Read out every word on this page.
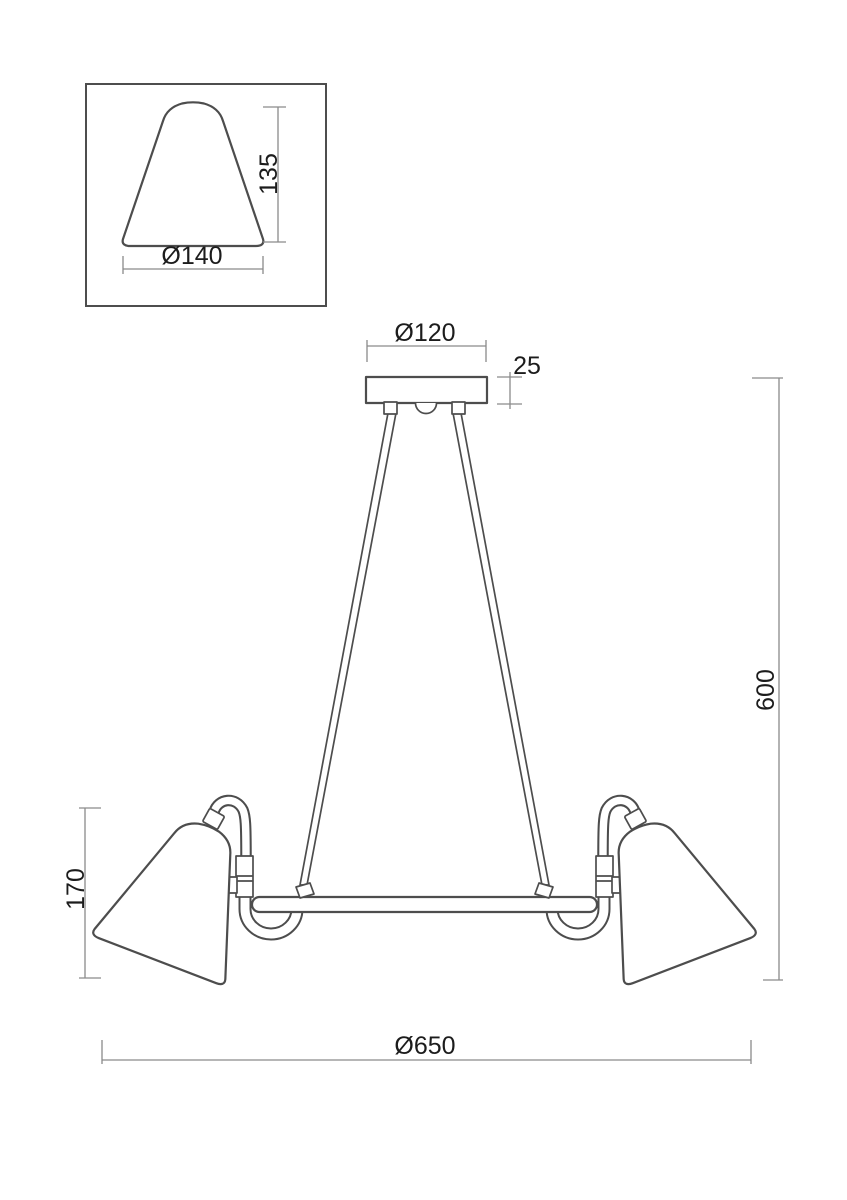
135
Ø140
Ø120
25
600
170
Ø650
